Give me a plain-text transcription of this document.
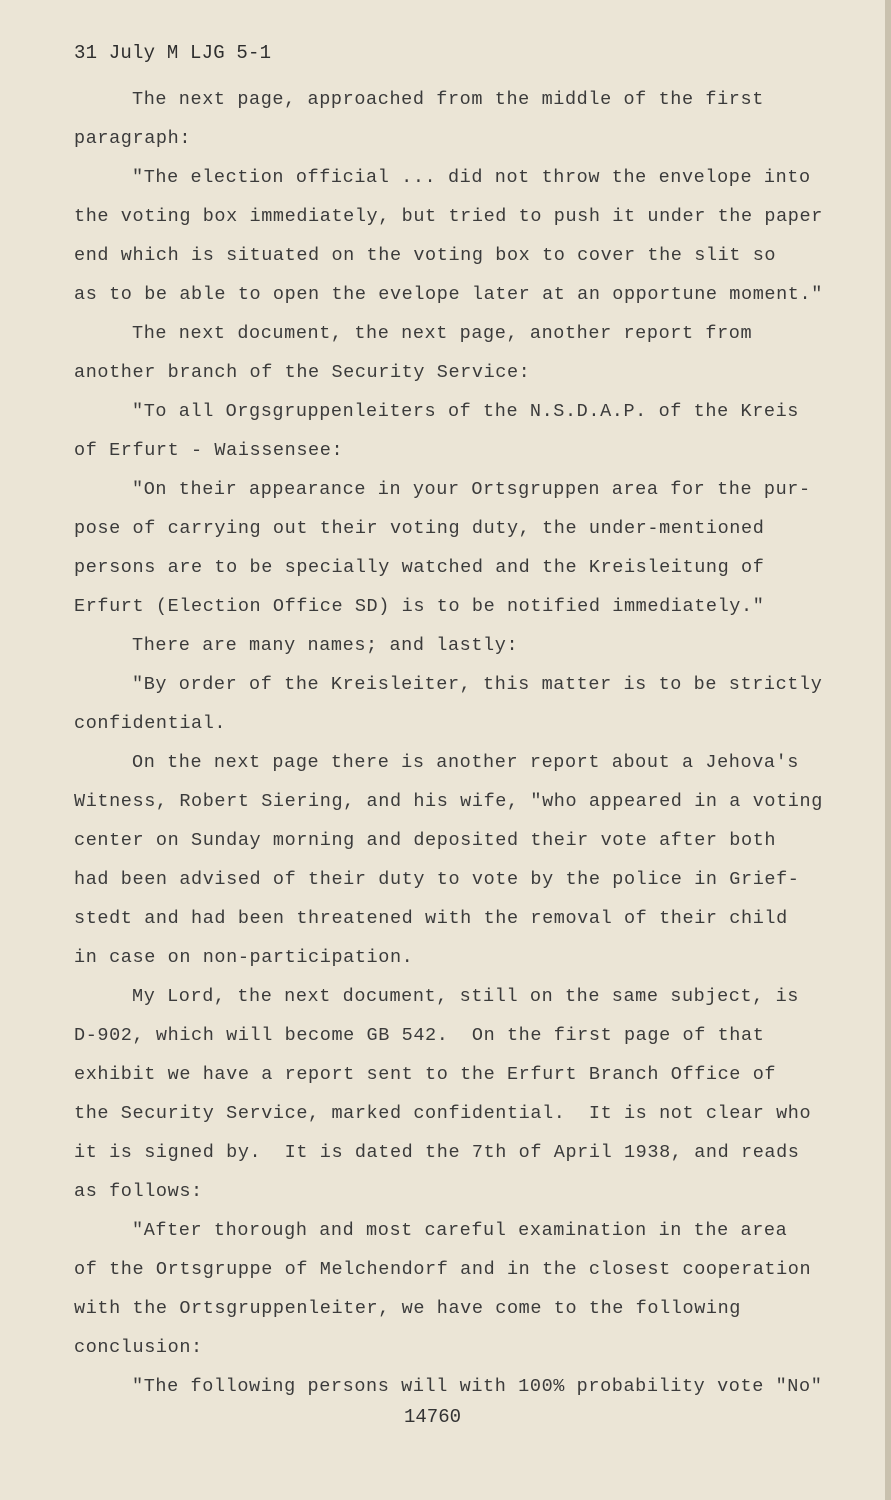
31 July M LJG 5-1
The next page, approached from the middle of the first
paragraph:
"The election official ... did not throw the envelope into
the voting box immediately, but tried to push it under the paper
end which is situated on the voting box to cover the slit so
as to be able to open the evelope later at an opportune moment."
The next document, the next page, another report from
another branch of the Security Service:
"To all Orgsgruppenleiters of the N.S.D.A.P. of the Kreis
of Erfurt - Waissensee:
"On their appearance in your Ortsgruppen area for the pur-
pose of carrying out their voting duty, the under-mentioned
persons are to be specially watched and the Kreisleitung of
Erfurt (Election Office SD) is to be notified immediately."
There are many names; and lastly:
"By order of the Kreisleiter, this matter is to be strictly
confidential.
On the next page there is another report about a Jehova's
Witness, Robert Siering, and his wife, "who appeared in a voting
center on Sunday morning and deposited their vote after both
had been advised of their duty to vote by the police in Grief-
stedt and had been threatened with the removal of their child
in case on non-participation.
My Lord, the next document, still on the same subject, is
D-902, which will become GB 542.  On the first page of that
exhibit we have a report sent to the Erfurt Branch Office of
the Security Service, marked confidential.  It is not clear who
it is signed by.  It is dated the 7th of April 1938, and reads
as follows:
"After thorough and most careful examination in the area
of the Ortsgruppe of Melchendorf and in the closest cooperation
with the Ortsgruppenleiter, we have come to the following
conclusion:
"The following persons will with 100% probability vote "No"
14760
